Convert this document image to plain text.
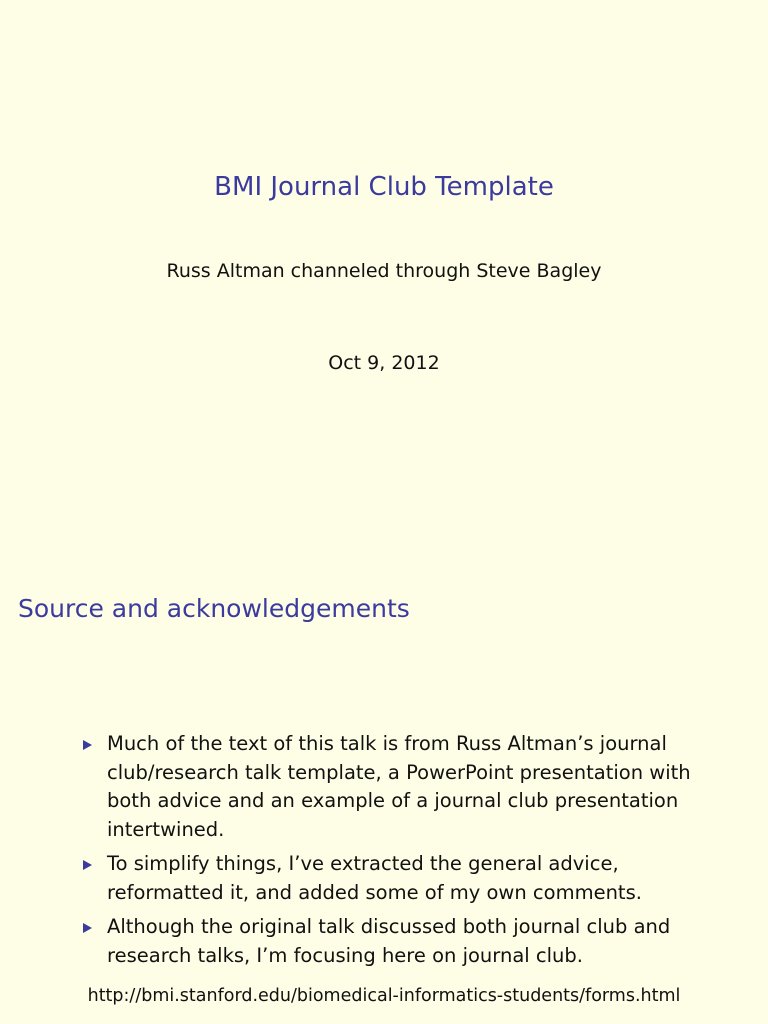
BMI Journal Club Template
Russ Altman channeled through Steve Bagley
Oct 9, 2012
Source and acknowledgements
Much of the text of this talk is from Russ Altman’s journal club/research talk template, a PowerPoint presentation with both advice and an example of a journal club presentation intertwined.
To simplify things, I’ve extracted the general advice, reformatted it, and added some of my own comments.
Although the original talk discussed both journal club and research talks, I’m focusing here on journal club.
http://bmi.stanford.edu/biomedical-informatics-students/forms.html
